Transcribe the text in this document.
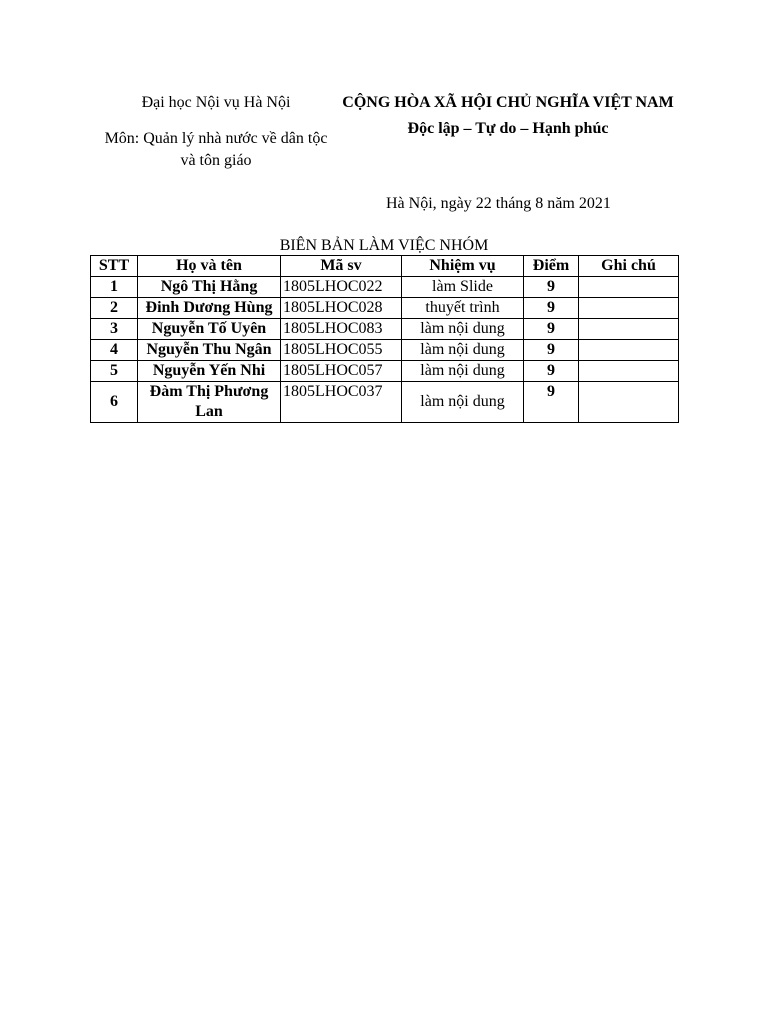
Đại học Nội vụ Hà Nội
Môn: Quản lý nhà nước về dân tộc và tôn giáo
CỘNG HÒA XÃ HỘI CHỦ NGHĨA VIỆT NAM
Độc lập – Tự do – Hạnh phúc
Hà Nội, ngày 22 tháng 8 năm 2021
BIÊN BẢN LÀM VIỆC NHÓM
STT	Họ và tên	Mã sv	Nhiệm vụ	Điểm	Ghi chú
1	Ngô Thị Hằng	1805LHOC022	làm Slide	9	
2	Đinh Dương Hùng	1805LHOC028	thuyết trình	9	
3	Nguyễn Tố Uyên	1805LHOC083	làm nội dung	9	
4	Nguyễn Thu Ngân	1805LHOC055	làm nội dung	9	
5	Nguyễn Yến Nhi	1805LHOC057	làm nội dung	9	
6	Đàm Thị Phương Lan	1805LHOC037	làm nội dung	9	
